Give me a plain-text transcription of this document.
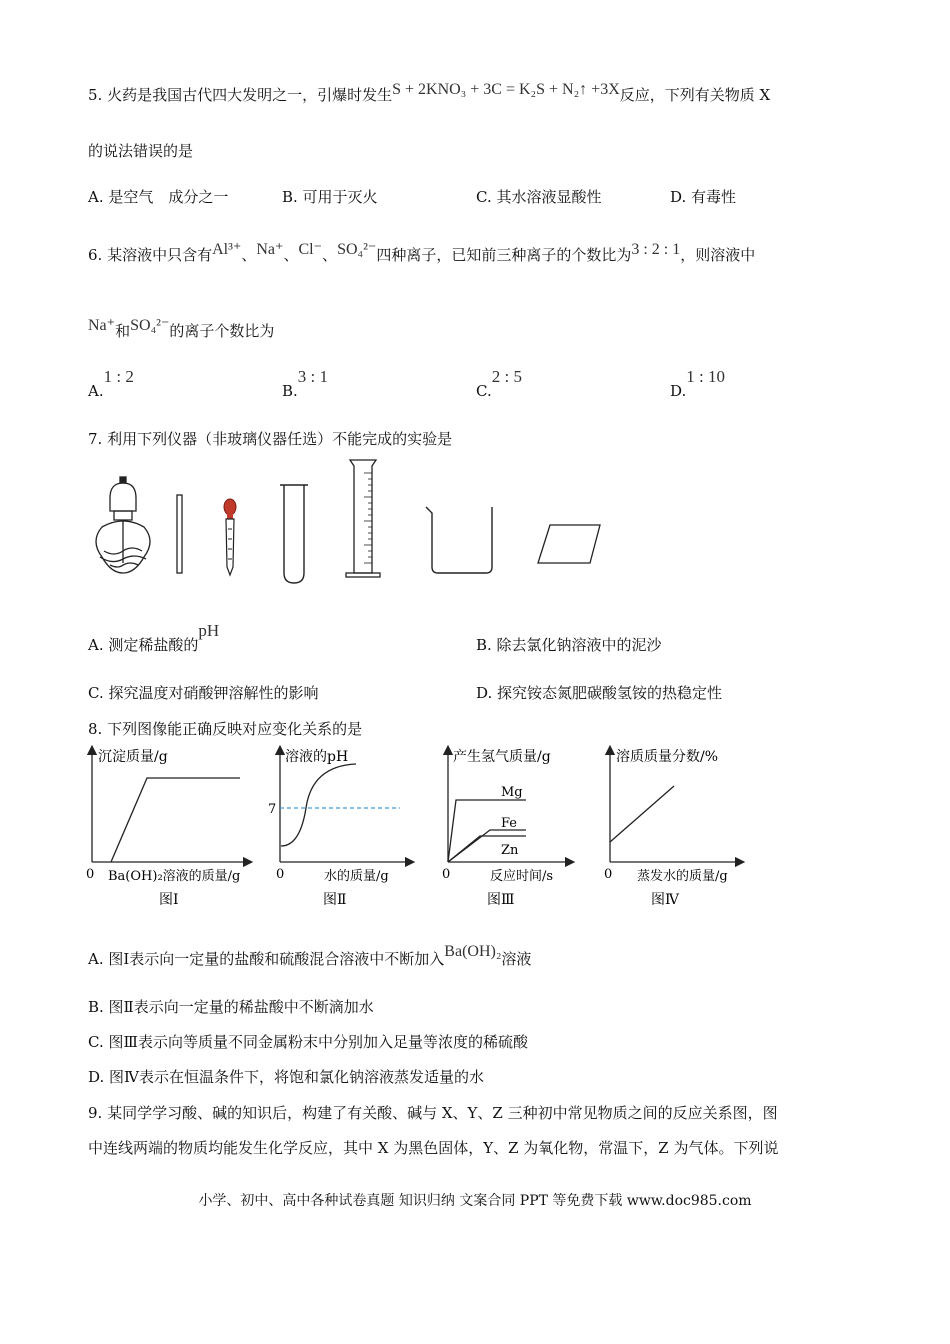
5. 火药是我国古代四大发明之一，引爆时发生S + 2KNO₃ + 3C = K₂S + N₂↑ +3X反应，下列有关物质 X
的说法错误的是
A. 是空气　成分之一	B. 可用于灭火	C. 其水溶液显酸性	D. 有毒性
6. 某溶液中只含有Al³⁺、Na⁺、Cl⁻、SO₄²⁻四种离子，已知前三种离子的个数比为3 : 2 : 1，则溶液中
Na⁺和SO₄²⁻的离子个数比为
A.1 : 2
B.3 : 1
C.2 : 5
D.1 : 10
7. 利用下列仪器（非玻璃仪器任选）不能完成的实验是
A. 测定稀盐酸的pH
B. 除去氯化钠溶液中的泥沙
C. 探究温度对硝酸钾溶解性的影响	D. 探究铵态氮肥碳酸氢铵的热稳定性
8. 下列图像能正确反映对应变化关系的是
沉淀质量/g
0 Ba(OH)₂溶液的质量/g
图Ⅰ
溶液的pH
7
0	水的质量/g
图Ⅱ
产生氢气质量/g
Mg
Fe
Zn
0	反应时间/s
图Ⅲ
溶质质量分数/%
0 蒸发水的质量/g
图Ⅳ
A. 图Ⅰ表示向一定量的盐酸和硫酸混合溶液中不断加入Ba(OH)₂溶液
B. 图Ⅱ表示向一定量的稀盐酸中不断滴加水
C. 图Ⅲ表示向等质量不同金属粉末中分别加入足量等浓度的稀硫酸
D. 图Ⅳ表示在恒温条件下，将饱和氯化钠溶液蒸发适量的水
9. 某同学学习酸、碱的知识后，构建了有关酸、碱与 X、Y、Z 三种初中常见物质之间的反应关系图，图
中连线两端的物质均能发生化学反应，其中 X 为黑色固体，Y、Z 为氧化物，常温下，Z 为气体。下列说
小学、初中、高中各种试卷真题 知识归纳 文案合同 PPT 等免费下载 www.doc985.com
